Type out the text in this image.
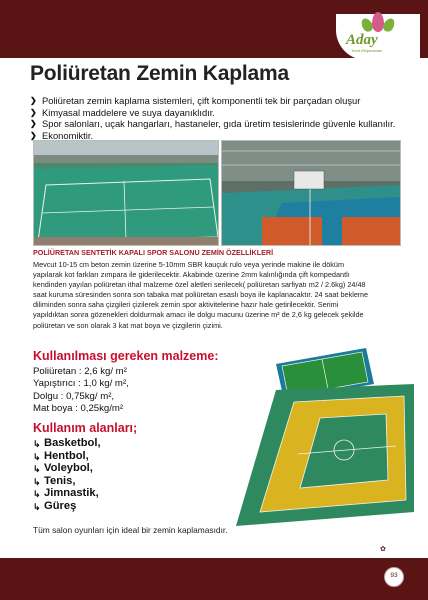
Aday
Kent Ekipmanları
Poliüretan Zemin Kaplama
❯ Poliüretan zemin kaplama sistemleri, çift komponentli tek bir parçadan oluşur
❯ Kimyasal maddelere ve suya dayanıklıdır.
❯ Spor salonları, uçak hangarları, hastaneler, gıda üretim tesislerinde güvenle kullanılır.
❯ Ekonomiktir.
POLİÜRETAN SENTETİK KAPALI SPOR SALONU ZEMİN ÖZELLİKLERİ
Mevcut 10-15 cm beton zemin üzerine 5-10mm SBR kauçuk rulo veya yerinde makine ile döküm
yapılarak kot farkları zımpara ile giderilecektir. Akabinde üzerine 2mm kalınlığında çift kompedantlı
kendinden yayılan poliüretan ithal malzeme özel aletleri serilecek( poliüretan sarfiyatı m2 / 2.6kg) 24/48
saat kuruma süresinden sonra son tabaka mat poliüretan esaslı boya ile kaplanacaktır. 24 saat bekleme
diliminden sonra saha çizgileri çizilerek zemin spor aktivitelerine hazır hale getirilecektir. Serimi
yapıldıktan sonra gözenekleri doldurmak amacı ile dolgu macunu üzerine m² de 2,6 kg gelecek şekilde
poliüretan ve son olarak 3 kat mat boya ve çizgilerin çizimi.
Kullanılması gereken malzeme:
Poliüretan : 2,6 kg/ m²
Yapıştırıcı : 1,0 kg/ m²,
Dolgu : 0,75kg/ m²,
Mat boya : 0,25kg/m²
Kullanım alanları;
↳ Basketbol,
↳ Hentbol,
↳ Voleybol,
↳ Tenis,
↳ Jimnastik,
↳ Güreş
Tüm salon oyunları için ideal bir zemin kaplamasıdır.
✿
93
